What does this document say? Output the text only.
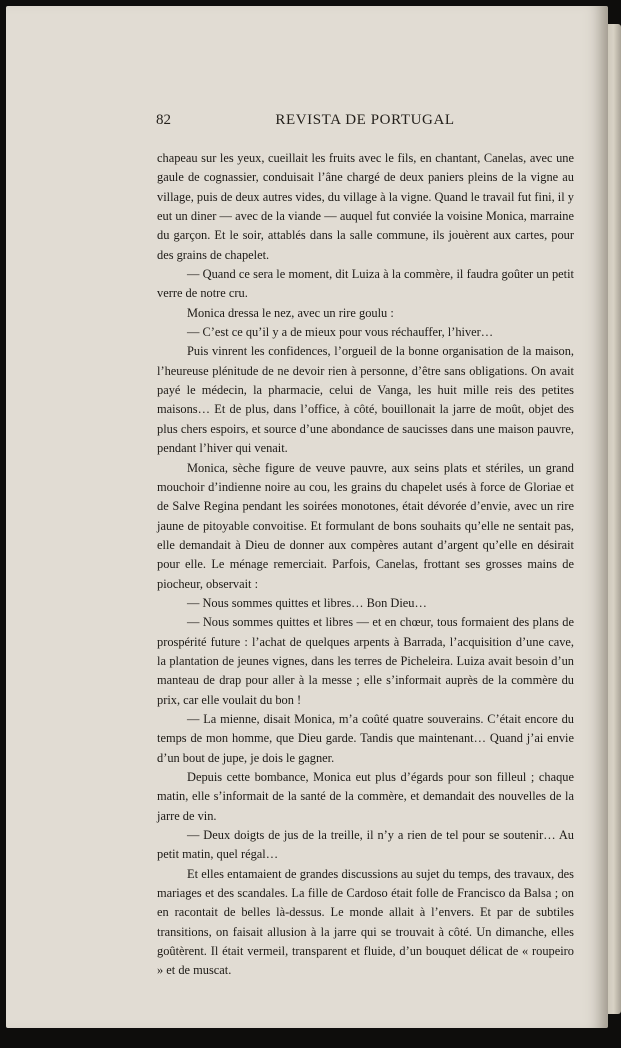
82	REVISTA DE PORTUGAL

chapeau sur les yeux, cueillait les fruits avec le fils, en chantant, Canelas, avec une gaule de cognassier, conduisait l’âne chargé de deux paniers pleins de la vigne au village, puis de deux autres vides, du village à la vigne. Quand le travail fut fini, il y eut un diner — avec de la viande — auquel fut conviée la voisine Monica, marraine du garçon. Et le soir, attablés dans la salle commune, ils jouèrent aux cartes, pour des grains de chapelet.

— Quand ce sera le moment, dit Luiza à la commère, il faudra goûter un petit verre de notre cru.

Monica dressa le nez, avec un rire goulu :

— C’est ce qu’il y a de mieux pour vous réchauffer, l’hiver…

Puis vinrent les confidences, l’orgueil de la bonne organisation de la maison, l’heureuse plénitude de ne devoir rien à personne, d’être sans obligations. On avait payé le médecin, la pharmacie, celui de Vanga, les huit mille reis des petites maisons… Et de plus, dans l’office, à côté, bouillonait la jarre de moût, objet des plus chers espoirs, et source d’une abondance de saucisses dans une maison pauvre, pendant l’hiver qui venait.

Monica, sèche figure de veuve pauvre, aux seins plats et stériles, un grand mouchoir d’indienne noire au cou, les grains du chapelet usés à force de Gloriae et de Salve Regina pendant les soirées monotones, était dévorée d’envie, avec un rire jaune de pitoyable convoitise. Et formulant de bons souhaits qu’elle ne sentait pas, elle demandait à Dieu de donner aux compères autant d’argent qu’elle en désirait pour elle. Le ménage remerciait. Parfois, Canelas, frottant ses grosses mains de piocheur, observait :

— Nous sommes quittes et libres… Bon Dieu…

— Nous sommes quittes et libres — et en chœur, tous formaient des plans de prospérité future : l’achat de quelques arpents à Barrada, l’acquisition d’une cave, la plantation de jeunes vignes, dans les terres de Picheleira. Luiza avait besoin d’un manteau de drap pour aller à la messe ; elle s’informait auprès de la commère du prix, car elle voulait du bon !

— La mienne, disait Monica, m’a coûté quatre souverains. C’était encore du temps de mon homme, que Dieu garde. Tandis que maintenant… Quand j’ai envie d’un bout de jupe, je dois le gagner.

Depuis cette bombance, Monica eut plus d’égards pour son filleul ; chaque matin, elle s’informait de la santé de la commère, et demandait des nouvelles de la jarre de vin.

— Deux doigts de jus de la treille, il n’y a rien de tel pour se soutenir… Au petit matin, quel régal…

Et elles entamaient de grandes discussions au sujet du temps, des travaux, des mariages et des scandales. La fille de Cardoso était folle de Francisco da Balsa ; on en racontait de belles là-dessus. Le monde allait à l’envers. Et par de subtiles transitions, on faisait allusion à la jarre qui se trouvait à côté. Un dimanche, elles goûtèrent. Il était vermeil, transparent et fluide, d’un bouquet délicat de « roupeiro » et de muscat.
